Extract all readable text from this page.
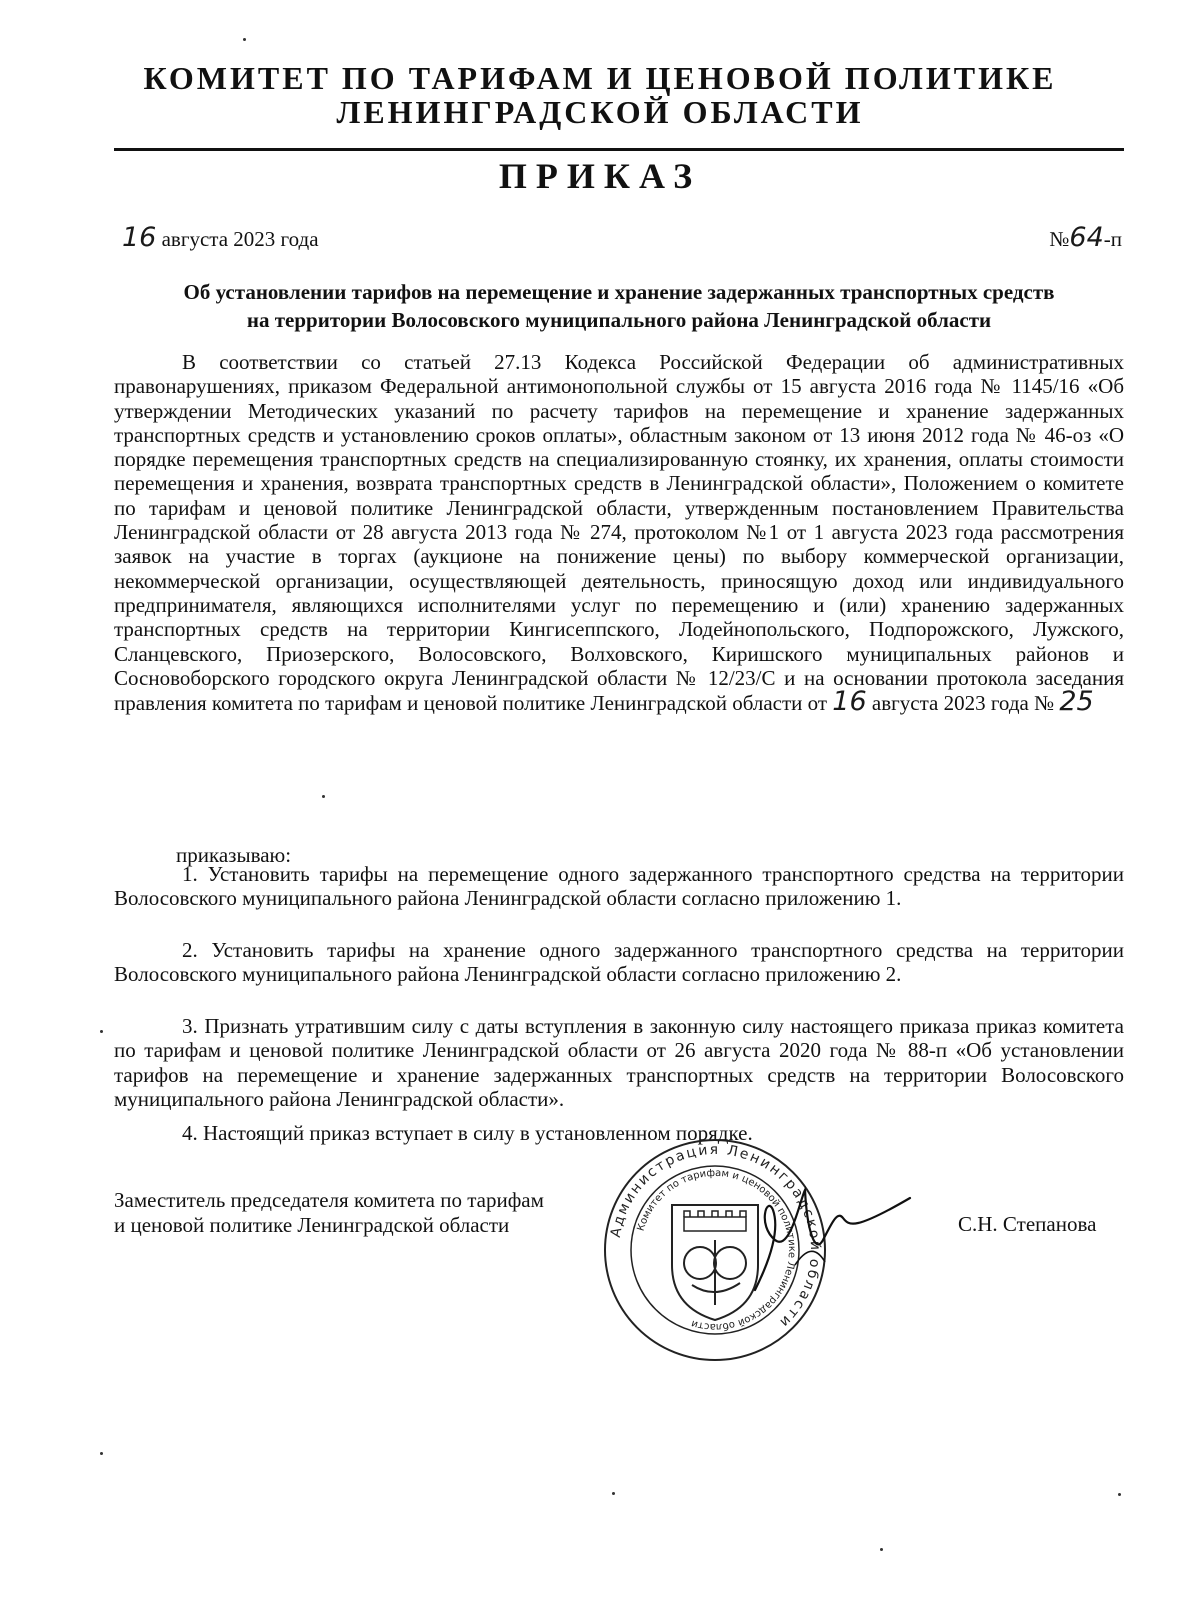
КОМИТЕТ ПО ТАРИФАМ И ЦЕНОВОЙ ПОЛИТИКЕ
ЛЕНИНГРАДСКОЙ ОБЛАСТИ
ПРИКАЗ
16 августа 2023 года	№64-п
Об установлении тарифов на перемещение и хранение задержанных транспортных средств
на территории Волосовского муниципального района Ленинградской области

В соответствии со статьей 27.13 Кодекса Российской Федерации об административных правонарушениях, приказом Федеральной антимонопольной службы от 15 августа 2016 года № 1145/16 «Об утверждении Методических указаний по расчету тарифов на перемещение и хранение задержанных транспортных средств и установлению сроков оплаты», областным законом от 13 июня 2012 года № 46-оз «О порядке перемещения транспортных средств на специализированную стоянку, их хранения, оплаты стоимости перемещения и хранения, возврата транспортных средств в Ленинградской области», Положением о комитете по тарифам и ценовой политике Ленинградской области, утвержденным постановлением Правительства Ленинградской области от 28 августа 2013 года № 274, протоколом №1 от 1 августа 2023 года рассмотрения заявок на участие в торгах (аукционе на понижение цены) по выбору коммерческой организации, некоммерческой организации, осуществляющей деятельность, приносящую доход или индивидуального предпринимателя, являющихся исполнителями услуг по перемещению и (или) хранению задержанных транспортных средств на территории Кингисеппского, Лодейнопольского, Подпорожского, Лужского, Сланцевского, Приозерского, Волосовского, Волховского, Киришского муниципальных районов и Сосновоборского городского округа Ленинградской области № 12/23/С и на основании протокола заседания правления комитета по тарифам и ценовой политике Ленинградской области от 16 августа 2023 года № 25

приказываю:

1. Установить тарифы на перемещение одного задержанного транспортного средства на территории Волосовского муниципального района Ленинградской области согласно приложению 1.

2. Установить тарифы на хранение одного задержанного транспортного средства на территории Волосовского муниципального района Ленинградской области согласно приложению 2.

3. Признать утратившим силу с даты вступления в законную силу настоящего приказа приказ комитета по тарифам и ценовой политике Ленинградской области от 26 августа 2020 года № 88-п «Об установлении тарифов на перемещение и хранение задержанных транспортных средств на территории Волосовского муниципального района Ленинградской области».

4. Настоящий приказ вступает в силу в установленном порядке.

Заместитель председателя комитета по тарифам
и ценовой политике Ленинградской области	Администрация Ленинградской области
Комитет по тарифам и ценовой политике Ленинградской области
С.Н. Степанова
